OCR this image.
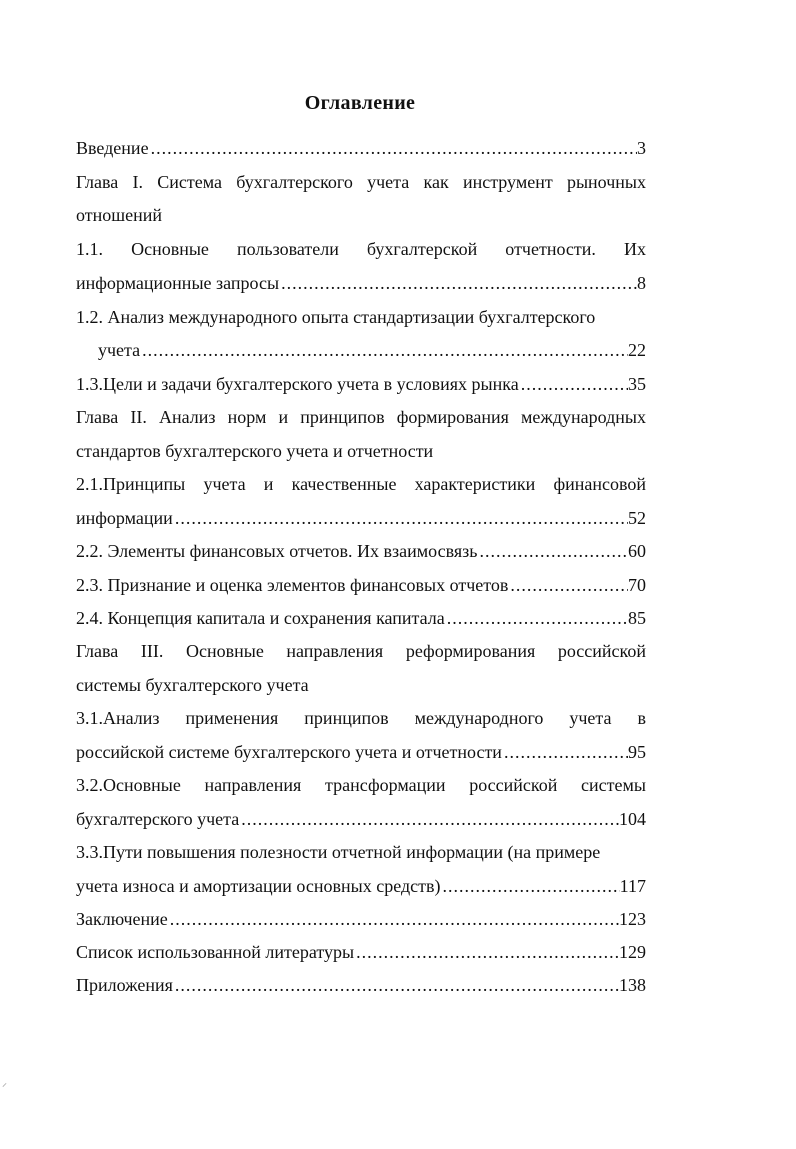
Оглавление
Введение .....	3
Глава I. Система бухгалтерского учета как инструмент рыночных
отношений
1.1. Основные пользователи бухгалтерской отчетности. Их
информационные запросы .....	8
1.2. Анализ международного опыта стандартизации бухгалтерского
учета .....	22
1.3.Цели и задачи бухгалтерского учета в условиях рынка .....	35
Глава II. Анализ норм и принципов формирования международных
стандартов бухгалтерского учета и отчетности
2.1.Принципы учета и качественные характеристики финансовой
информации .....	52
2.2. Элементы финансовых отчетов. Их взаимосвязь .....	60
2.3. Признание и оценка элементов финансовых отчетов .....	70
2.4. Концепция капитала и сохранения капитала .....	85
Глава III. Основные направления реформирования российской
системы бухгалтерского учета
3.1.Анализ применения принципов международного учета в
российской системе бухгалтерского учета и отчетности .....	95
3.2.Основные направления трансформации российской системы
бухгалтерского учета .....	104
3.3.Пути повышения полезности отчетной информации (на примере
учета износа и амортизации основных средств) .....	117
Заключение .....	123
Список использованной литературы .....	129
Приложения .....	138
⸝
